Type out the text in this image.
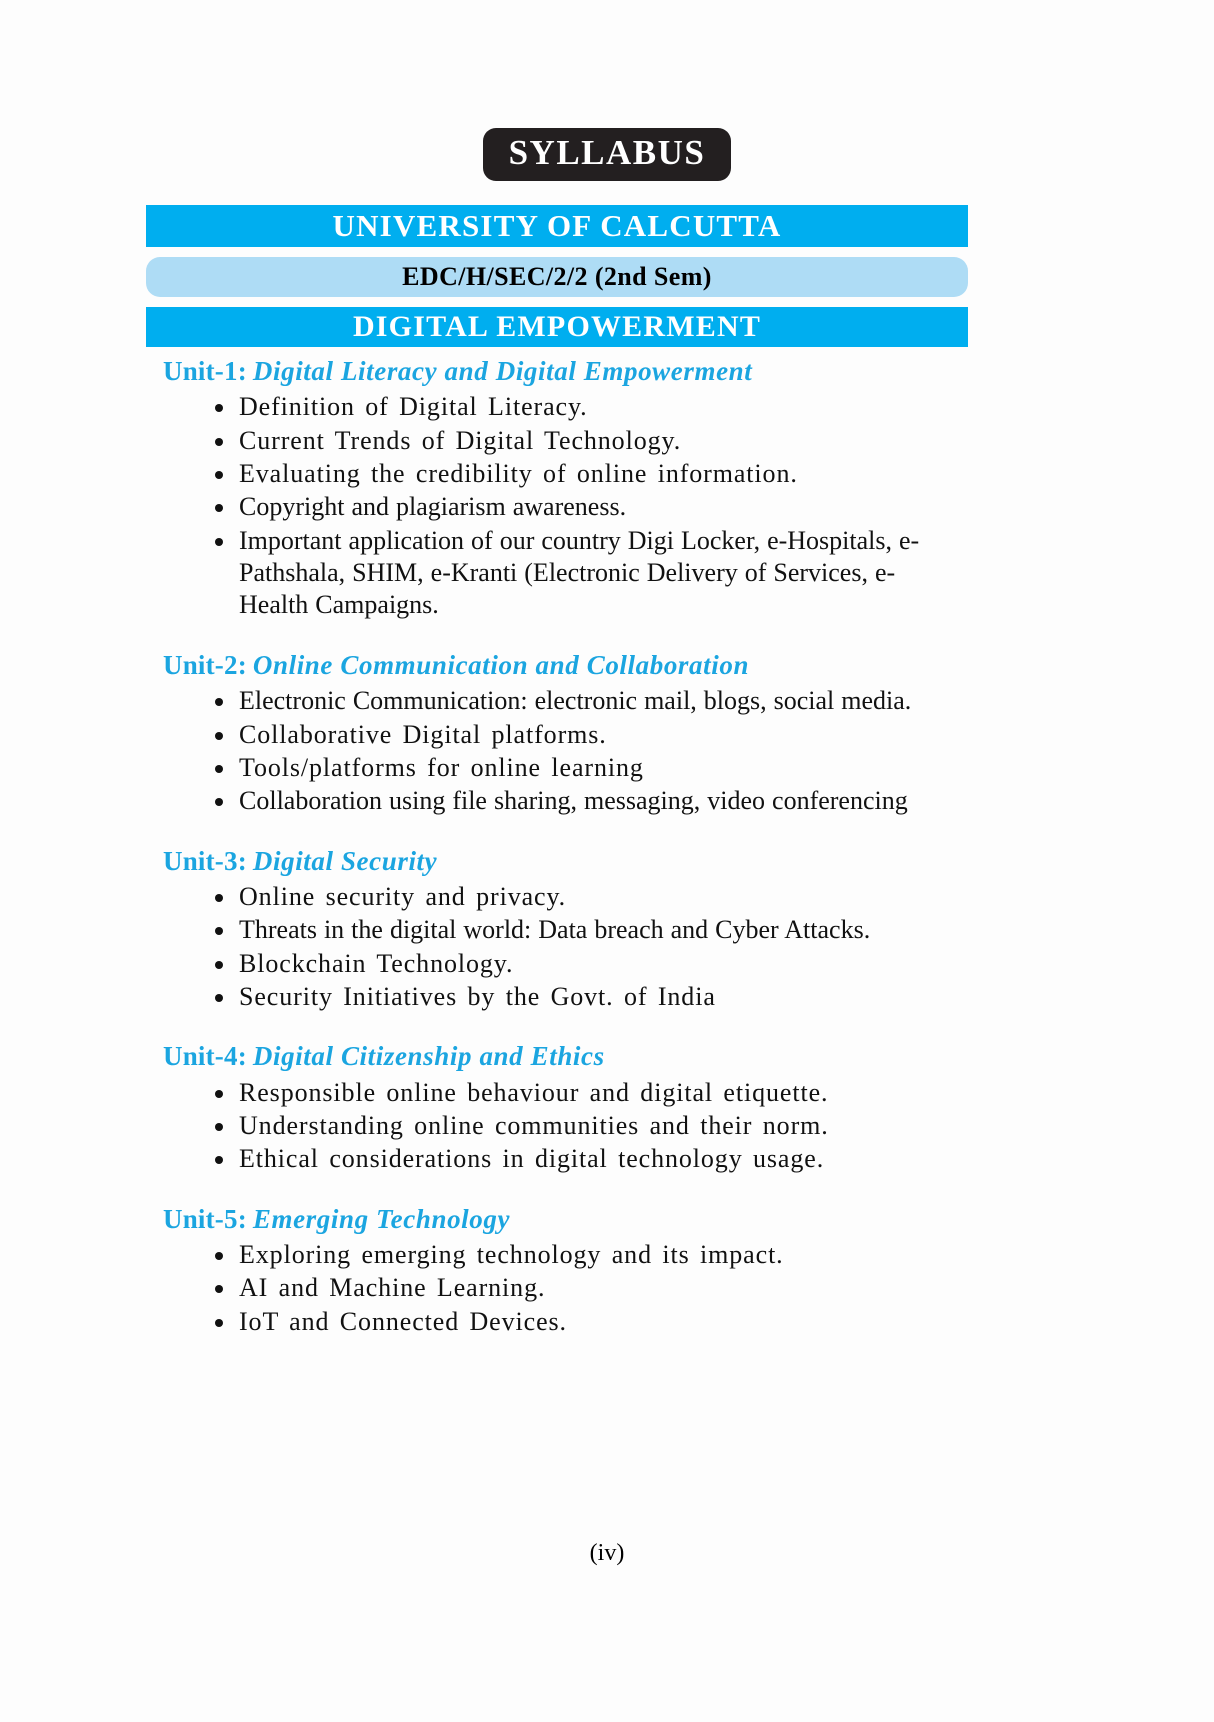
SYLLABUS
UNIVERSITY OF CALCUTTA
EDC/H/SEC/2/2 (2nd Sem)
DIGITAL EMPOWERMENT
Unit-1: Digital Literacy and Digital Empowerment
Definition of Digital Literacy.
Current Trends of Digital Technology.
Evaluating the credibility of online information.
Copyright and plagiarism awareness.
Important application of our country Digi Locker, e-Hospitals, e-Pathshala, SHIM, e-Kranti (Electronic Delivery of Services, e-Health Campaigns.
Unit-2: Online Communication and Collaboration
Electronic Communication: electronic mail, blogs, social media.
Collaborative Digital platforms.
Tools/platforms for online learning
Collaboration using file sharing, messaging, video conferencing
Unit-3: Digital Security
Online security and privacy.
Threats in the digital world: Data breach and Cyber Attacks.
Blockchain Technology.
Security Initiatives by the Govt. of India
Unit-4: Digital Citizenship and Ethics
Responsible online behaviour and digital etiquette.
Understanding online communities and their norm.
Ethical considerations in digital technology usage.
Unit-5: Emerging Technology
Exploring emerging technology and its impact.
AI and Machine Learning.
IoT and Connected Devices.
(iv)
